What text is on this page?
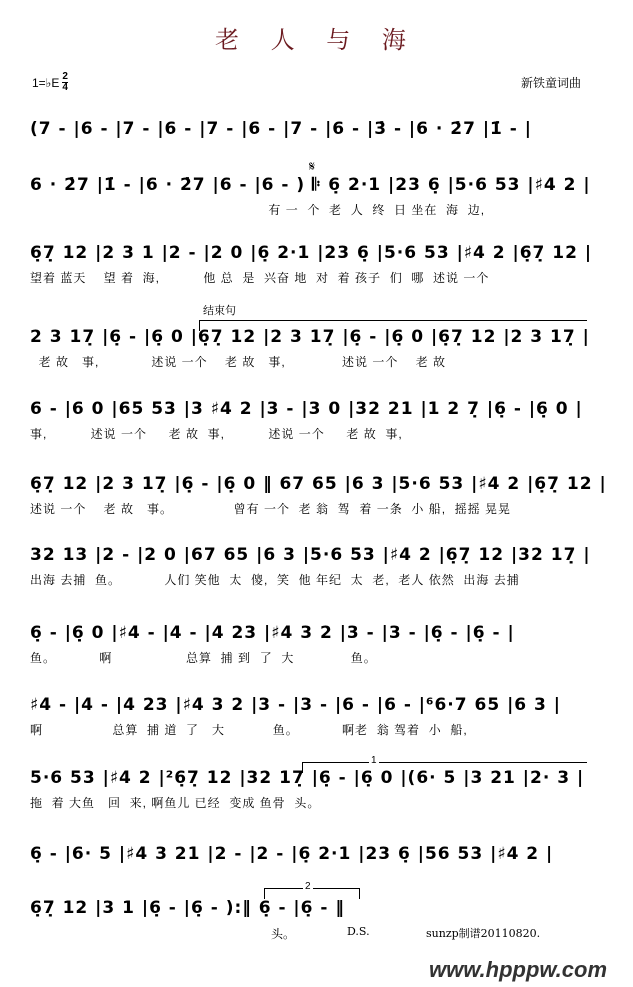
老 人 与 海
1=♭E $\frac{2}{4}$	新铁童词曲
(7 - |6 - |7 - |6 - |7 - |6 - |7 - |6 - |3̇ - |6 · 2̇7 |1̇ - |
𝄋
6 · 2̇7 |1̇ - |6 · 2̇7 |6 - |6 - ) 𝄆 6̣ 2·1 |23 6̣ |5·6 53 |♯4 2 |
有 一  个  老  人  终  日 坐在  海  边,
6̣7̣ 12 |2 3 1 |2 - |2 0 |6̣ 2·1 |23 6̣ |5·6 53 |♯4 2 |6̣7̣ 12 |
望着 蓝天    望 着  海,          他 总  是  兴奋 地  对  着 孩子  们  哪  述说 一个
结束句
2 3 17̣ |6̣ - |6̣ 0 |6̣7̣ 12 |2 3 17̣ |6̣ - |6̣ 0 |6̣7̣ 12 |2 3 17̣ |
老 故   事,            述说 一个    老 故   事,             述说 一个    老 故
6 - |6 0 |65 53 |3 ♯4 2 |3 - |3 0 |32 21 |1 2 7̣ |6̣ - |6̣ 0 |
事,          述说 一个     老 故  事,          述说 一个     老 故  事,
6̣7̣ 12 |2 3 17̣ |6̣ - |6̣ 0 ‖ 67 65 |6 3 |5·6 53 |♯4 2 |6̣7̣ 12 |
述说 一个    老 故   事。              曾有 一个  老 翁  驾  着 一条  小 船,  摇摇 晃晃
32 13 |2 - |2 0 |67 65 |6 3 |5·6 53 |♯4 2 |6̣7̣ 12 |32 17̣ |
出海 去捕  鱼。          人们 笑他  太  傻,  笑  他 年纪  太  老,  老人 依然  出海 去捕
6̣ - |6̣ 0 |♯4 - |4 - |4 23 |♯4 3 2 |3 - |3 - |6̣ - |6̣ - |
鱼。          啊                 总算  捕 到  了  大             鱼。
♯4 - |4 - |4 23 |♯4 3 2 |3 - |3 - |6 - |6 - |⁶6·7 65 |6 3 |
啊                总算  捕 道  了   大           鱼。          啊老  翁 驾着  小  船,
1
5·6 53 |♯4 2 |²6̣7̣ 12 |32 17̣ |6̣ - |6̣ 0 |(6· 5 |3 21 |2· 3 |
拖  着 大鱼   回  来, 啊鱼儿 已经  变成 鱼骨  头。
6̣ - |6· 5 |♯4 3 21 |2 - |2 - |6̣ 2·1 |23 6̣ |56 53 |♯4 2 |
2
6̣7̣ 12 |3 1 |6̣ - |6̣ - ):‖ 6̣ - |6̣ - ‖
头。	D.S.	sunzp制谱20110820.
www.hpppw.com
